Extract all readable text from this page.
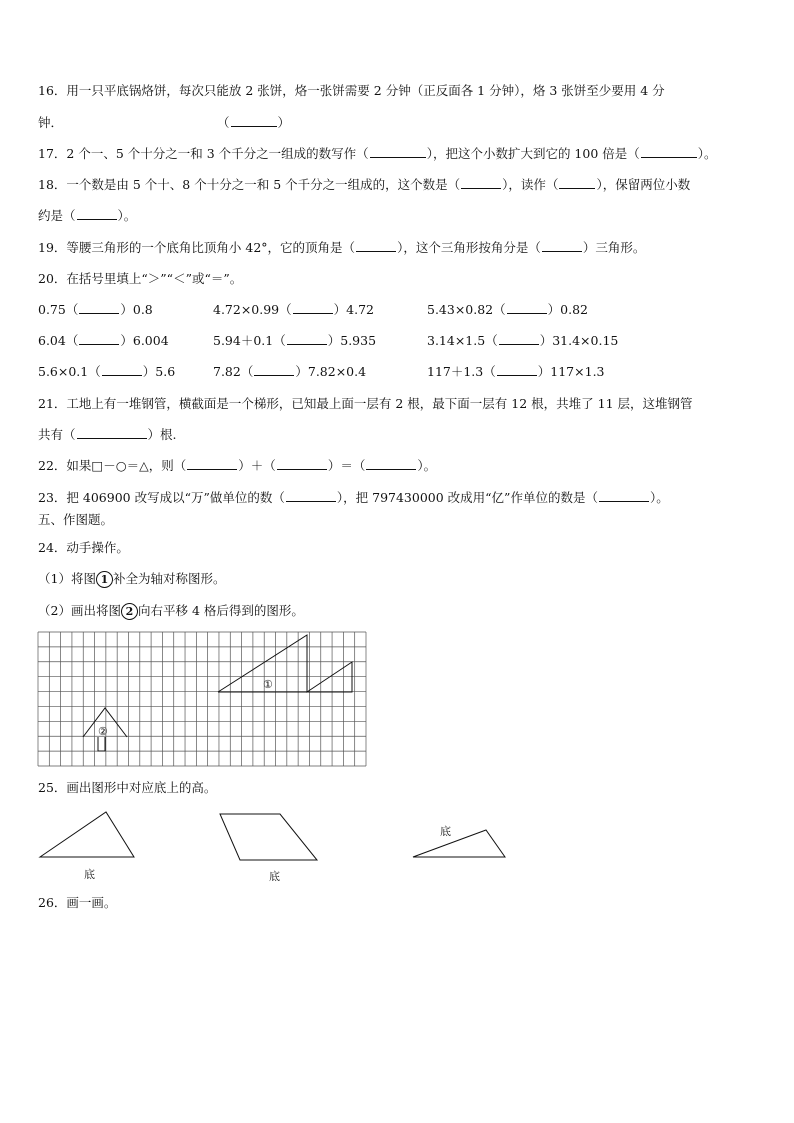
16．用一只平底锅烙饼，每次只能放 2 张饼，烙一张饼需要 2 分钟（正反面各 1 分钟），烙 3 张饼至少要用 4 分
钟． （  ）
17．2 个一、5 个十分之一和 3 个千分之一组成的数写作 （  ）	，把这个小数扩大到它的 100 倍是 （  ）	。
18．一个数是由 5 个十、8 个十分之一和 5 个千分之一组成的，这个数是 （  ）	，读作 （  ）	，保留两位小数
约是 （  ）	。
19．等腰三角形的一个底角比顶角小 42°，它的顶角是 （  ）	，这个三角形按角分是 （  ）	三角形。
20．在括号里填上“＞”“＜”或“＝”。
0.75 （  ）	0.8	4.72×0.99 （  ）	4.72	5.43×0.82 （  ）	0.82
6.04 （  ）	6.004	5.94＋0.1 （  ）	5.935	3.14×1.5 （  ）	31.4×0.15
5.6×0.1 （  ）	5.6	7.82 （  ）	7.82×0.4	117＋1.3 （  ）	117×1.3
21．工地上有一堆钢管，横截面是一个梯形，已知最上面一层有 2 根，最下面一层有 12 根，共堆了 11 层，这堆钢管
共有 （  ）	根.
22．如果□－○＝△，则 （  ）	＋ （  ）	＝ （  ）	。
23．把 406900 改写成以“万”做单位的数 （  ）	，把 797430000 改成用“亿”作单位的数是 （  ）	。
五、作图题。
24．动手操作。
（1）将图 1 补全为轴对称图形。
（2）画出将图 2 向右平移 4 格后得到的图形。
①
②
25．画出图形中对应底上的高。
底	底
底
26．画一画。
